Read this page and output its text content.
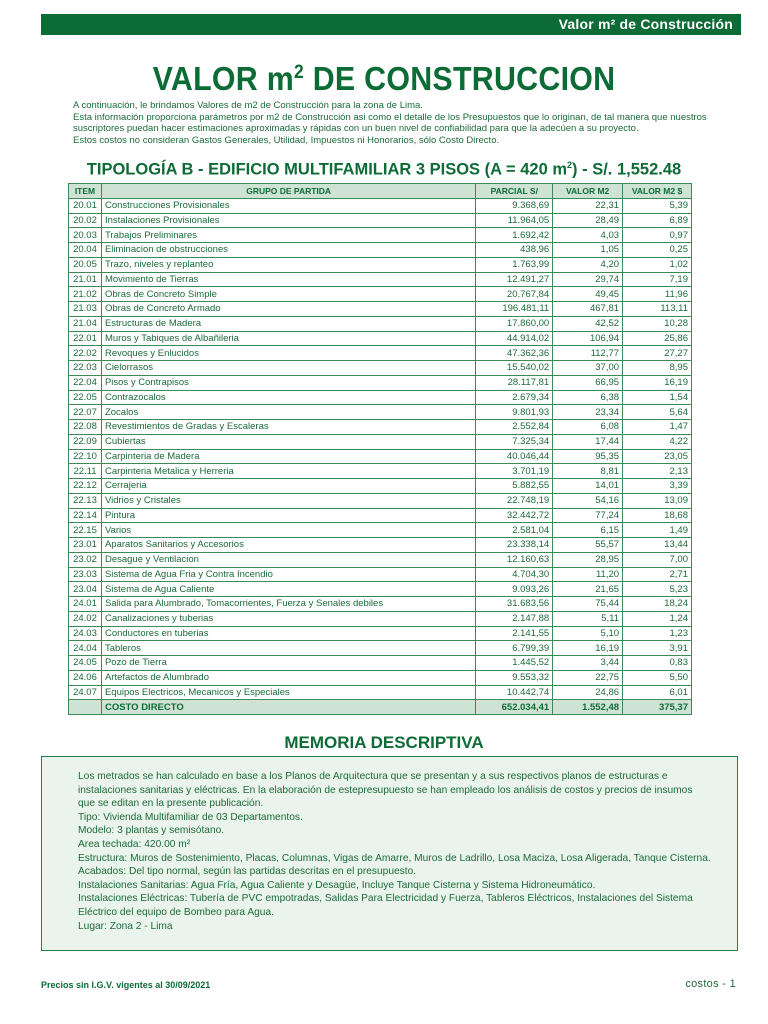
Valor m² de Construcción
VALOR $m^2$ DE CONSTRUCCION
A continuación, le brindamos Valores de m2 de Construcción para la zona de Lima.
Esta información proporciona parámetros por m2 de Construcción asi como el detalle de los Presupuestos que lo originan, de tal manera que nuestros
suscriptores puedan hacer estimaciones aproximadas y rápidas con un buen nivel de confiabilidad para que la adecúen a su proyecto.
Estos costos no consideran Gastos Generales, Utilidad, Impuestos ni Honorarios, sólo Costo Directo.
TIPOLOGÍA B - EDIFICIO MULTIFAMILIAR 3 PISOS (A = 420 $m^2) - S/$. 1,552.48
ITEM	GRUPO DE PARTIDA	PARCIAL S/	VALOR M2	VALOR M2 $
20.01	Construcciones Provisionales	9.368,69	22,31	5,39
20.02	Instalaciones Provisionales	11.964,05	28,49	6,89
20.03	Trabajos Preliminares	1.692,42	4,03	0,97
20.04	Eliminacion de obstrucciones	438,96	1,05	0,25
20.05	Trazo, niveles y replanteo	1.763,99	4,20	1,02
21.01	Movimiento de Tierras	12.491,27	29,74	7,19
21.02	Obras de Concreto Simple	20.767,84	49,45	11,96
21.03	Obras de Concreto Armado	196.481,11	467,81	113,11
21.04	Estructuras de Madera	17.860,00	42,52	10,28
22.01	Muros y Tabiques de Albañileria	44.914,02	106,94	25,86
22.02	Revoques y Enlucidos	47.362,36	112,77	27,27
22.03	Cielorrasos	15.540,02	37,00	8,95
22.04	Pisos y Contrapisos	28.117,81	66,95	16,19
22.05	Contrazocalos	2.679,34	6,38	1,54
22.07	Zocalos	9.801,93	23,34	5,64
22.08	Revestimientos de Gradas y Escaleras	2.552,84	6,08	1,47
22.09	Cubiertas	7.325,34	17,44	4,22
22.10	Carpinteria de Madera	40.046,44	95,35	23,05
22.11	Carpinteria Metalica y Herreria	3.701,19	8,81	2,13
22.12	Cerrajeria	5.882,55	14,01	3,39
22.13	Vidrios y Cristales	22.748,19	54,16	13,09
22.14	Pintura	32.442,72	77,24	18,68
22.15	Varios	2.581,04	6,15	1,49
23.01	Aparatos Sanitarios y Accesorios	23.338,14	55,57	13,44
23.02	Desague y Ventilacion	12.160,63	28,95	7,00
23.03	Sistema de Agua Fria y Contra Incendio	4.704,30	11,20	2,71
23.04	Sistema de Agua Caliente	9.093,26	21,65	5,23
24.01	Salida para Alumbrado, Tomacorrientes, Fuerza y Senales debiles	31.683,56	75,44	18,24
24.02	Canalizaciones y tuberias	2.147,88	5,11	1,24
24.03	Conductores en tuberias	2.141,55	5,10	1,23
24.04	Tableros	6.799,39	16,19	3,91
24.05	Pozo de Tierra	1.445,52	3,44	0,83
24.06	Artefactos de Alumbrado	9.553,32	22,75	5,50
24.07	Equipos Electricos, Mecanicos y Especiales	10.442,74	24,86	6,01
	COSTO DIRECTO	652.034,41	1.552,48	375,37
MEMORIA DESCRIPTIVA
Los metrados se han calculado en base a los Planos de Arquitectura que se presentan y a sus respectivos planos de estructuras e
instalaciones sanitarias y eléctricas. En la elaboración de estepresupuesto se han empleado los análisis de costos y precios de insumos
que se editan en la presente publicación.
Tipo: Vivienda Multifamiliar de 03 Departamentos.
Modelo: 3 plantas y semisótano.
Area techada: 420.00 m²
Estructura: Muros de Sostenimiento, Placas, Columnas, Vigas de Amarre, Muros de Ladrillo, Losa Maciza, Losa Aligerada, Tanque Cisterna.
Acabados: Del tipo normal, según las partidas descritas en el presupuesto.
Instalaciones Sanitarias: Agua Fría, Agua Caliente y Desagüe, Incluye Tanque Cisterna y Sistema Hidroneumático.
Instalaciones Eléctricas: Tubería de PVC empotradas, Salidas Para Electricidad y Fuerza, Tableros Eléctricos, Instalaciones del Sistema
Eléctrico del equipo de Bombeo para Agua.
Lugar: Zona 2 - Lima
Precios sin I.G.V. vigentes al 30/09/2021	costos - 1
